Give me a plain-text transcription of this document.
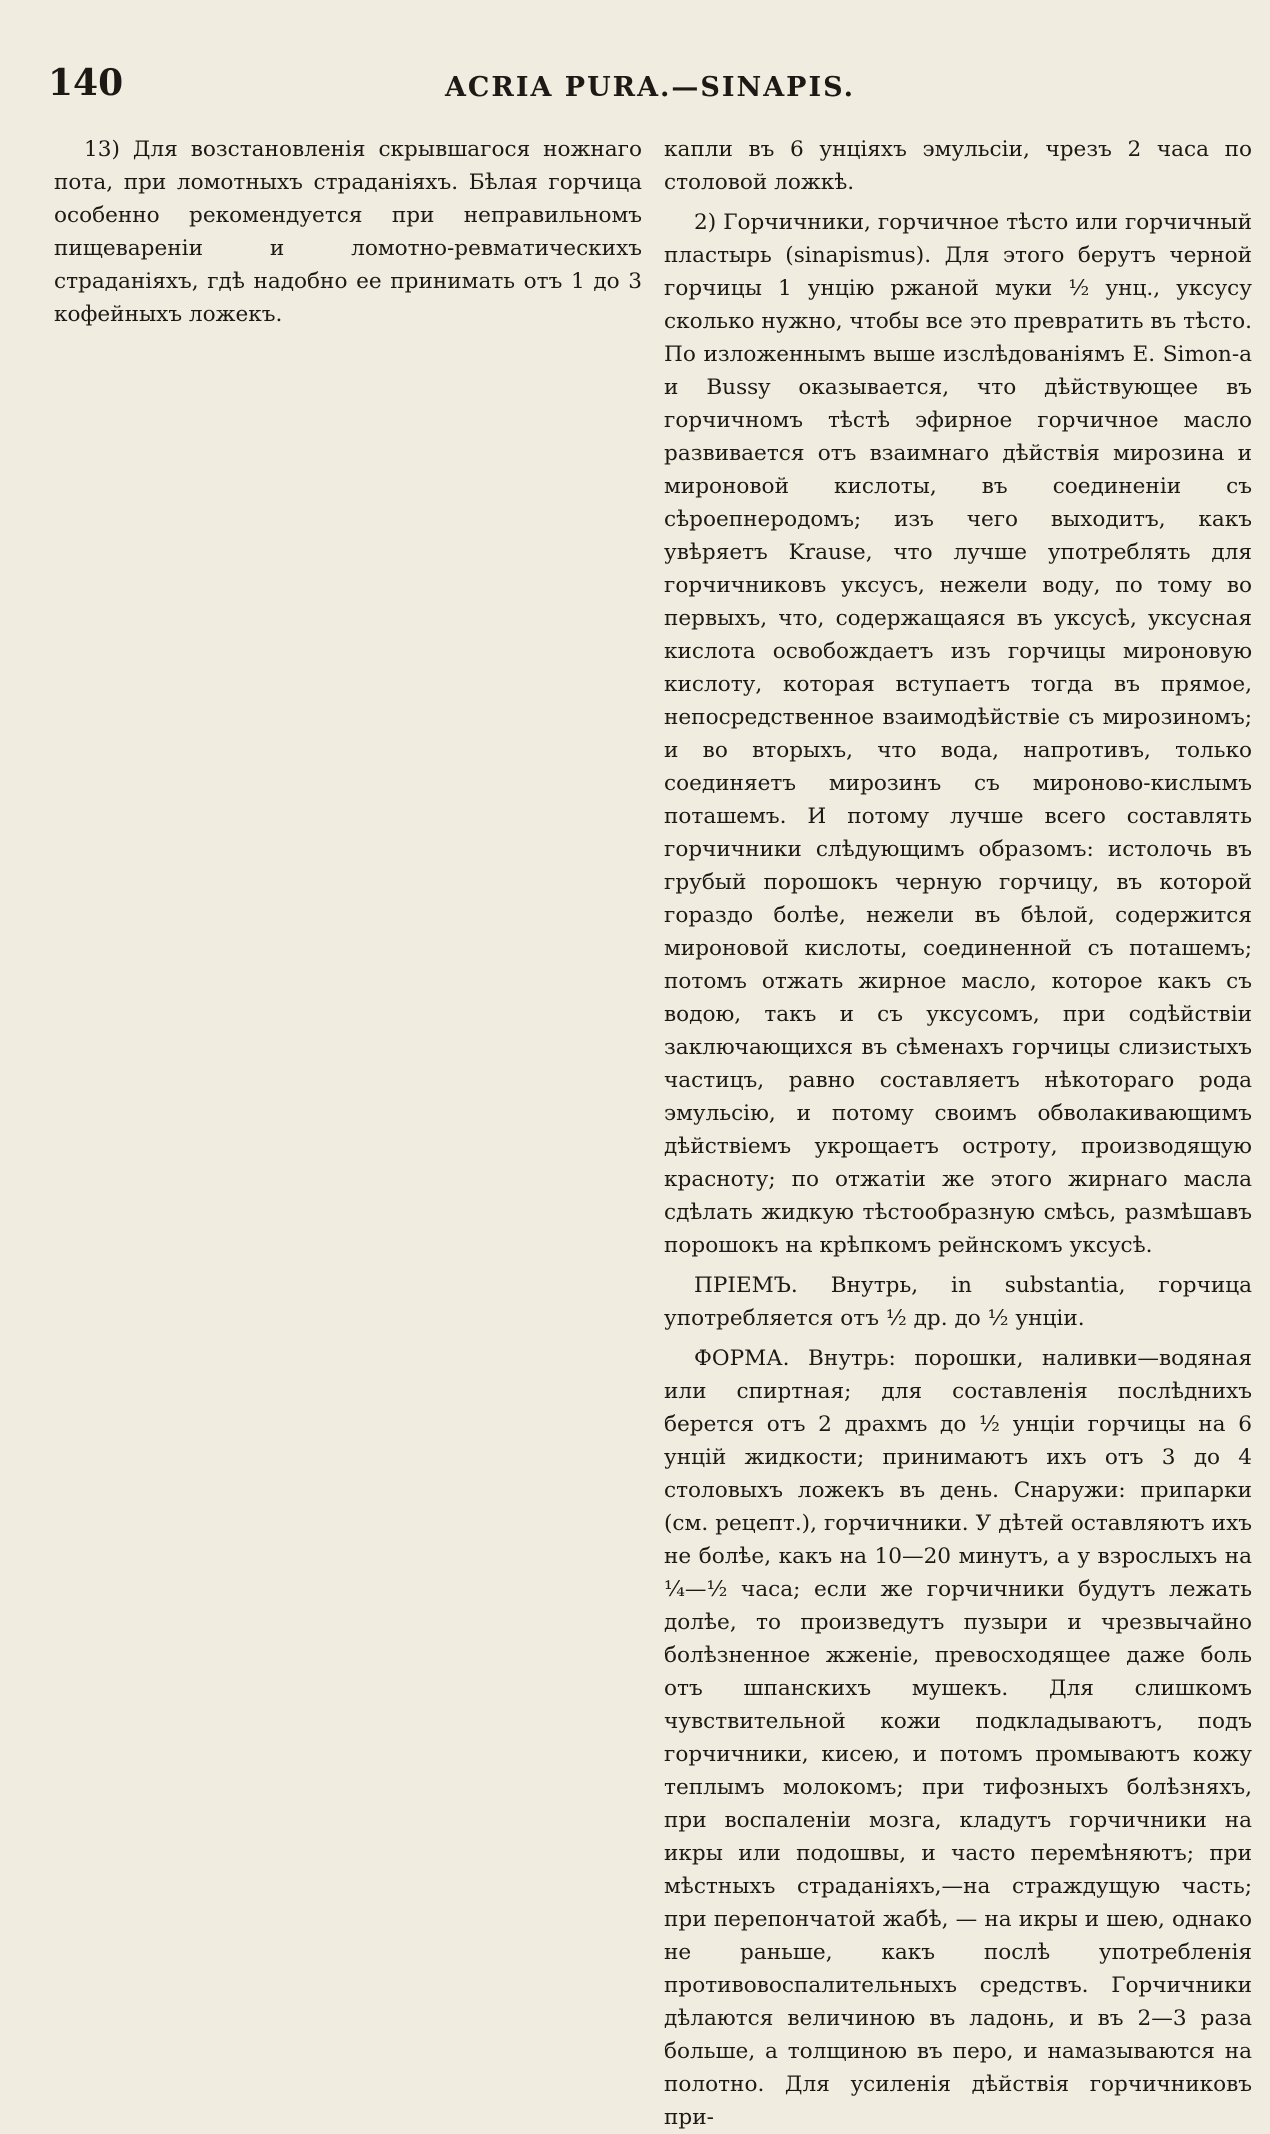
140	ACRIA PURA.—SINAPIS.

13) Для возстановленія скрывшагося ножнаго пота, при ломотныхъ страданіяхъ. Бѣлая горчица особенно рекомендуется при неправильномъ пищевареніи и ломотно-ревматическихъ страданіяхъ, гдѣ надобно ее принимать отъ 1 до 3 кофейныхъ ложекъ.

капли въ 6 унціяхъ эмульсіи, чрезъ 2 часа по столовой ложкѣ.

2) Горчичники, горчичное тѣсто или горчичный пластырь (sinapismus). Для этого берутъ черной горчицы 1 унцію ржаной муки ½ унц., уксусу сколько нужно, чтобы все это превратить въ тѣсто. По изложеннымъ выше изслѣдованіямъ E. Simon-a и Bussy оказывается, что дѣйствующее въ горчичномъ тѣстѣ эфирное горчичное масло развивается отъ взаимнаго дѣйствія мирозина и мироновой кислоты, въ соединеніи съ сѣроепнеродомъ; изъ чего выходитъ, какъ увѣряетъ Krause, что лучше употреблять для горчичниковъ уксусъ, нежели воду, по тому во первыхъ, что, содержащаяся въ уксусѣ, уксусная кислота освобождаетъ изъ горчицы мироновую кислоту, которая вступаетъ тогда въ прямое, непосредственное взаимодѣйствіе съ мирозиномъ; и во вторыхъ, что вода, напротивъ, только соединяетъ мирозинъ съ мироново-кислымъ поташемъ. И потому лучше всего составлять горчичники слѣдующимъ образомъ: истолочь въ грубый порошокъ черную горчицу, въ которой гораздо болѣе, нежели въ бѣлой, содержится мироновой кислоты, соединенной съ поташемъ; потомъ отжать жирное масло, которое какъ съ водою, такъ и съ уксусомъ, при содѣйствіи заключающихся въ сѣменахъ горчицы слизистыхъ частицъ, равно составляетъ нѣкотораго рода эмульсію, и потому своимъ обволакивающимъ дѣйствіемъ укрощаетъ остроту, производящую красноту; по отжатіи же этого жирнаго масла сдѣлать жидкую тѣстообразную смѣсь, размѣшавъ порошокъ на крѣпкомъ рейнскомъ уксусѣ.

ПРІЕМЪ. Внутрь, in substantia, горчица употребляется отъ ½ др. до ½ унціи.

ФОРМА. Внутрь: порошки, наливки—водяная или спиртная; для составленія послѣднихъ берется отъ 2 драхмъ до ½ унціи горчицы на 6 унцій жидкости; принимаютъ ихъ отъ 3 до 4 столовыхъ ложекъ въ день. Снаружи: припарки (см. рецепт.), горчичники. У дѣтей оставляютъ ихъ не болѣе, какъ на 10—20 минутъ, а у взрослыхъ на ¼—½ часа; если же горчичники будутъ лежать долѣе, то произведутъ пузыри и чрезвычайно болѣзненное жженіе, превосходящее даже боль отъ шпанскихъ мушекъ. Для слишкомъ чувствительной кожи подкладываютъ, подъ горчичники, кисею, и потомъ промываютъ кожу теплымъ молокомъ; при тифозныхъ болѣзняхъ, при воспаленіи мозга, кладутъ горчичники на икры или подошвы, и часто перемѣняютъ; при мѣстныхъ страданіяхъ,—на страждущую часть; при перепончатой жабѣ, — на икры и шею, однако не раньше, какъ послѣ употребленія противовоспалительныхъ средствъ. Горчичники дѣлаются величиною въ ладонь, и въ 2—3 раза больше, а толщиною въ перо, и намазываются на полотно. Для усиленія дѣйствія горчичниковъ при-
